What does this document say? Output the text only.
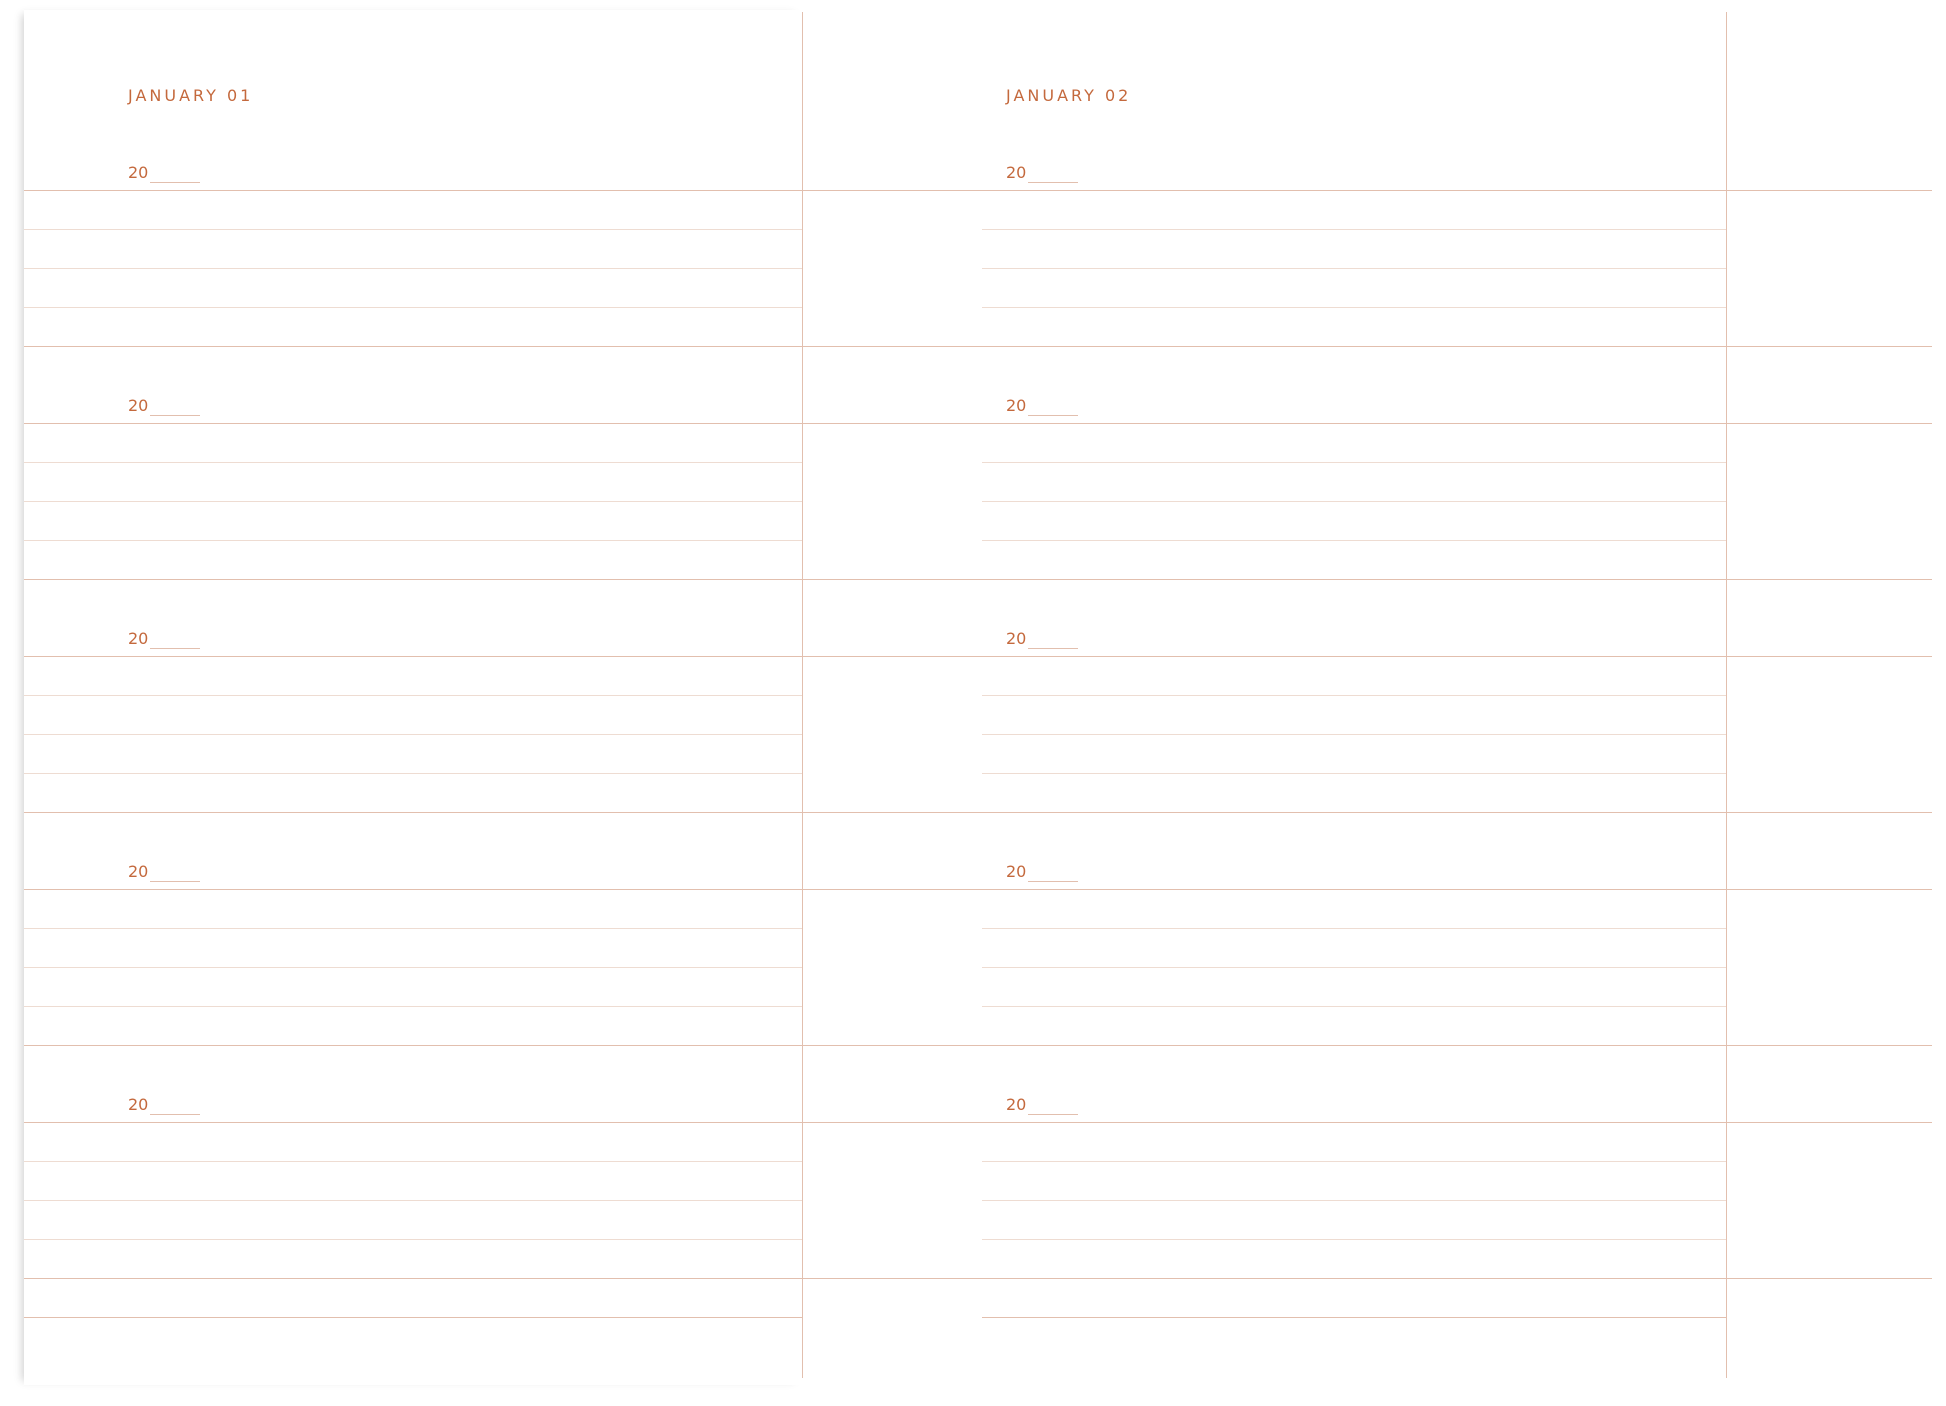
JANUARY 01
20
20
20
20
20
JANUARY 02
20
20
20
20
20
